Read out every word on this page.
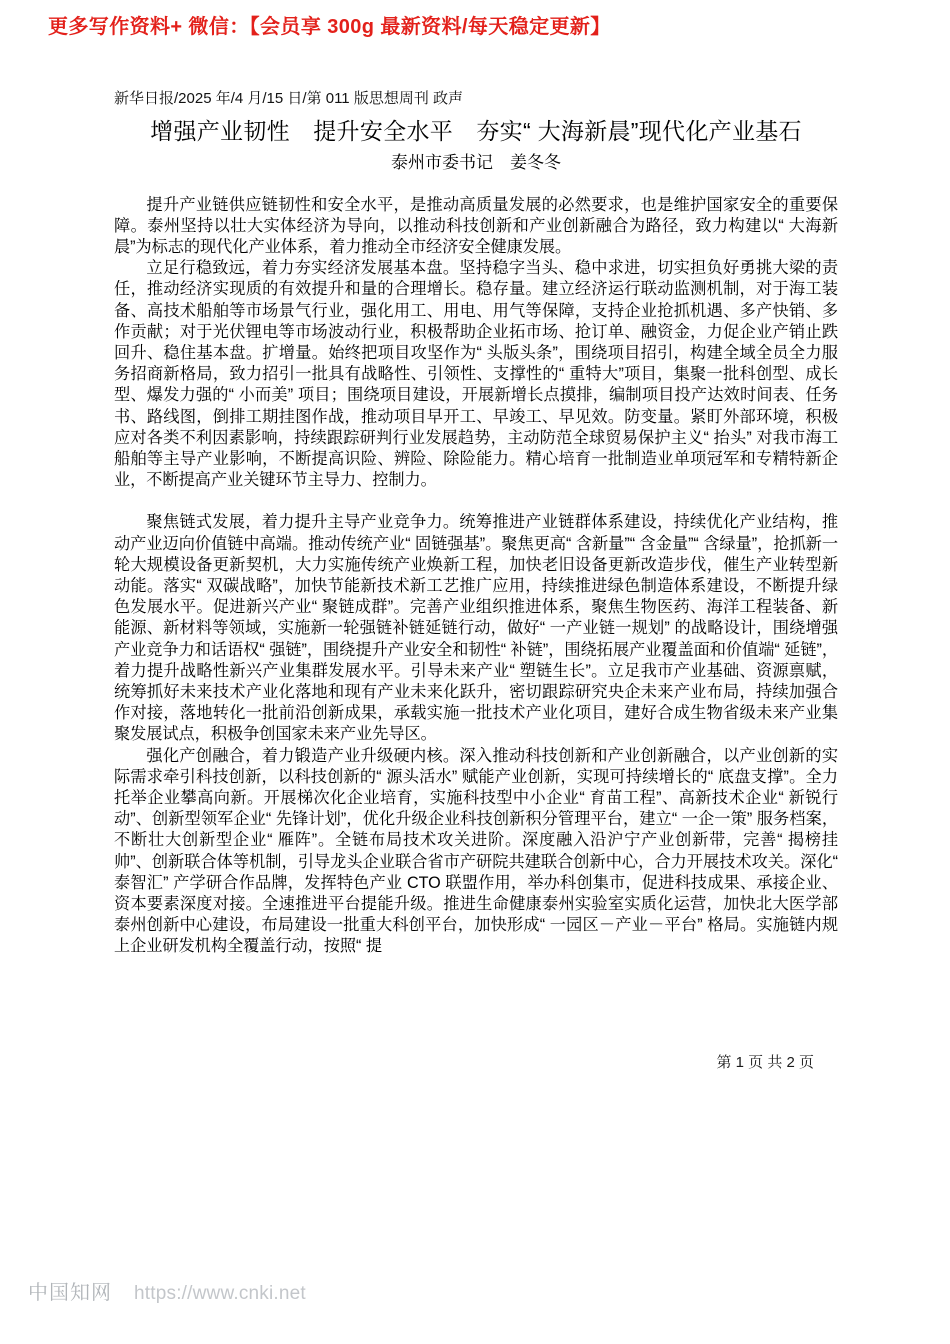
更多写作资料+ 微信：【会员享 300g 最新资料/每天稳定更新】
新华日报/2025 年/4 月/15 日/第 011 版思想周刊 政声
增强产业韧性　提升安全水平　夯实“ 大海新晨”现代化产业基石
泰州市委书记　姜冬冬

提升产业链供应链韧性和安全水平，是推动高质量发展的必然要求，也是维护国家安全的重要保障。泰州坚持以壮大实体经济为导向，以推动科技创新和产业创新融合为路径，致力构建以“ 大海新晨”为标志的现代化产业体系，着力推动全市经济安全健康发展。

立足行稳致远，着力夯实经济发展基本盘。坚持稳字当头、稳中求进，切实担负好勇挑大梁的责任，推动经济实现质的有效提升和量的合理增长。稳存量。建立经济运行联动监测机制，对于海工装备、高技术船舶等市场景气行业，强化用工、用电、用气等保障，支持企业抢抓机遇、多产快销、多作贡献；对于光伏锂电等市场波动行业，积极帮助企业拓市场、抢订单、融资金，力促企业产销止跌回升、稳住基本盘。扩增量。始终把项目攻坚作为“ 头版头条”，围绕项目招引，构建全域全员全力服务招商新格局，致力招引一批具有战略性、引领性、支撑性的“ 重特大”项目，集聚一批科创型、成长型、爆发力强的“ 小而美” 项目；围绕项目建设，开展新增长点摸排，编制项目投产达效时间表、任务书、路线图，倒排工期挂图作战，推动项目早开工、早竣工、早见效。防变量。紧盯外部环境，积极应对各类不利因素影响，持续跟踪研判行业发展趋势，主动防范全球贸易保护主义“ 抬头” 对我市海工船舶等主导产业影响，不断提高识险、辨险、除险能力。精心培育一批制造业单项冠军和专精特新企业，不断提高产业关键环节主导力、控制力。

聚焦链式发展，着力提升主导产业竞争力。统筹推进产业链群体系建设，持续优化产业结构，推动产业迈向价值链中高端。推动传统产业“ 固链强基”。聚焦更高“ 含新量”“ 含金量”“ 含绿量”，抢抓新一轮大规模设备更新契机，大力实施传统产业焕新工程，加快老旧设备更新改造步伐，催生产业转型新动能。落实“ 双碳战略”，加快节能新技术新工艺推广应用，持续推进绿色制造体系建设，不断提升绿色发展水平。促进新兴产业“ 聚链成群”。完善产业组织推进体系，聚焦生物医药、海洋工程装备、新能源、新材料等领域，实施新一轮强链补链延链行动，做好“ 一产业链一规划” 的战略设计，围绕增强产业竞争力和话语权“ 强链”，围绕提升产业安全和韧性“ 补链”，围绕拓展产业覆盖面和价值端“ 延链”，着力提升战略性新兴产业集群发展水平。引导未来产业“ 塑链生长”。立足我市产业基础、资源禀赋，统筹抓好未来技术产业化落地和现有产业未来化跃升，密切跟踪研究央企未来产业布局，持续加强合作对接，落地转化一批前沿创新成果，承载实施一批技术产业化项目，建好合成生物省级未来产业集聚发展试点，积极争创国家未来产业先导区。

强化产创融合，着力锻造产业升级硬内核。深入推动科技创新和产业创新融合，以产业创新的实际需求牵引科技创新，以科技创新的“ 源头活水” 赋能产业创新，实现可持续增长的“ 底盘支撑”。全力托举企业攀高向新。开展梯次化企业培育，实施科技型中小企业“ 育苗工程”、高新技术企业“ 新锐行动”、创新型领军企业“ 先锋计划”，优化升级企业科技创新积分管理平台，建立“ 一企一策” 服务档案，不断壮大创新型企业“ 雁阵”。全链布局技术攻关进阶。深度融入沿沪宁产业创新带，完善“ 揭榜挂帅”、创新联合体等机制，引导龙头企业联合省市产研院共建联合创新中心，合力开展技术攻关。深化“ 泰智汇” 产学研合作品牌，发挥特色产业 CTO 联盟作用，举办科创集市，促进科技成果、承接企业、资本要素深度对接。全速推进平台提能升级。推进生命健康泰州实验室实质化运营，加快北大医学部泰州创新中心建设，布局建设一批重大科创平台，加快形成“ 一园区－产业－平台” 格局。实施链内规上企业研发机构全覆盖行动，按照“ 提

第 1 页 共 2 页
中国知网 https://www.cnki.net
